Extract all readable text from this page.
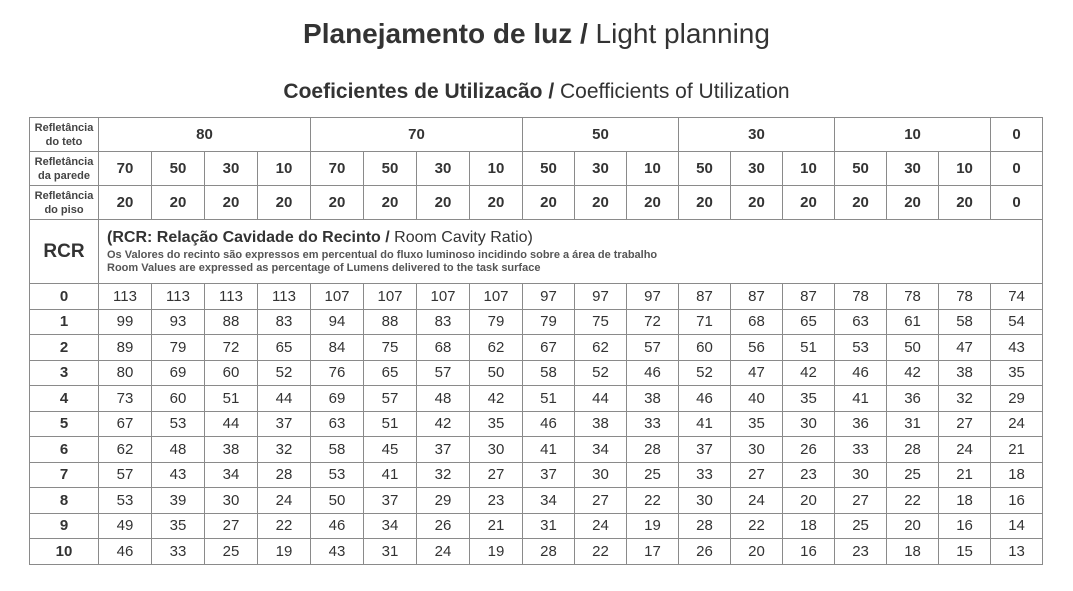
Planejamento de luz / Light planning
Coeficientes de Utilizacão / Coefficients of Utilization
Refletância
do teto	80				70				50			30			10			0

Refletância
da parede	70	50	30	10	70	50	30	10	50	30	10	50	30	10	50	30	10	0

Refletância
do piso	20	20	20	20	20	20	20	20	20	20	20	20	20	20	20	20	20	0
RCR	(RCR: Relação Cavidade do Recinto / Room Cavity Ratio)
Os Valores do recinto são expressos em percentual do fluxo luminoso incidindo sobre a área de trabalho
Room Values are expressed as percentage of Lumens delivered to the task surface																	

0	113	113	113	113	107	107	107	107	97	97	97	87	87	87	78	78	78	74
1	99	93	88	83	94	88	83	79	79	75	72	71	68	65	63	61	58	54
2	89	79	72	65	84	75	68	62	67	62	57	60	56	51	53	50	47	43
3	80	69	60	52	76	65	57	50	58	52	46	52	47	42	46	42	38	35
4	73	60	51	44	69	57	48	42	51	44	38	46	40	35	41	36	32	29
5	67	53	44	37	63	51	42	35	46	38	33	41	35	30	36	31	27	24
6	62	48	38	32	58	45	37	30	41	34	28	37	30	26	33	28	24	21
7	57	43	34	28	53	41	32	27	37	30	25	33	27	23	30	25	21	18
8	53	39	30	24	50	37	29	23	34	27	22	30	24	20	27	22	18	16
9	49	35	27	22	46	34	26	21	31	24	19	28	22	18	25	20	16	14
10	46	33	25	19	43	31	24	19	28	22	17	26	20	16	23	18	15	13
